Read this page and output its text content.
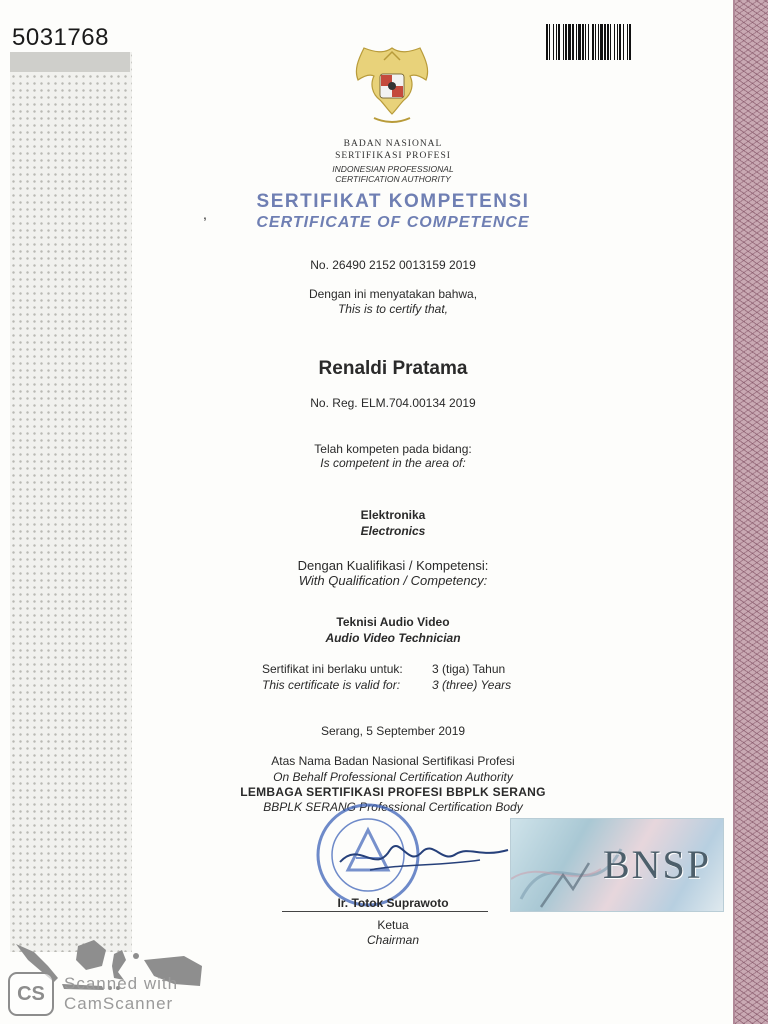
5031768
BADAN NASIONAL
SERTIFIKASI PROFESI
INDONESIAN PROFESSIONAL
CERTIFICATION AUTHORITY
,
SERTIFIKAT KOMPETENSI
CERTIFICATE OF COMPETENCE
No. 26490 2152 0013159 2019
Dengan ini menyatakan bahwa,
This is to certify that,
Renaldi Pratama
No. Reg. ELM.704.00134 2019
Telah kompeten pada bidang:
Is competent in the area of:
Elektronika
Electronics
Dengan Kualifikasi / Kompetensi:
With Qualification / Competency:
Teknisi Audio Video
Audio Video Technician
Sertifikat ini berlaku untuk:	3 (tiga) Tahun
This certificate is valid for:	3 (three) Years
Serang, 5 September 2019
Atas Nama Badan Nasional Sertifikasi Profesi
On Behalf Professional Certification Authority
LEMBAGA SERTIFIKASI PROFESI BBPLK SERANG
BBPLK SERANG Professional Certification Body
BNSP
Ir. Totok Suprawoto
Ketua
Chairman
CS	Scanned with
CamScanner
